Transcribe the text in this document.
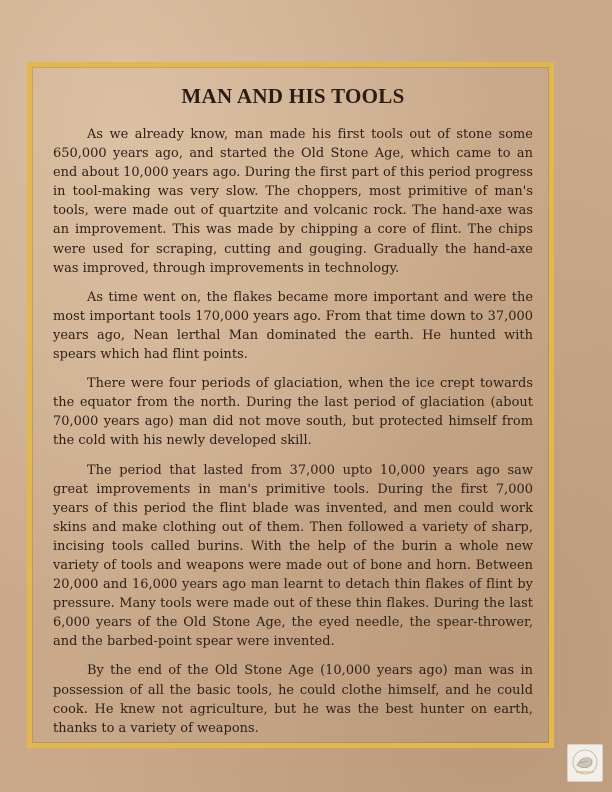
MAN AND HIS TOOLS

As we already know, man made his first tools out of stone some 650,000 years ago, and started the Old Stone Age, which came to an end about 10,000 years ago. During the first part of this period progress in tool-making was very slow. The choppers, most primitive of man's tools, were made out of quartzite and volcanic rock. The hand-axe was an improvement. This was made by chipping a core of flint. The chips were used for scraping, cutting and gouging. Gradually the hand-axe was improved, through improvements in technology.

As time went on, the flakes became more important and were the most important tools 170,000 years ago. From that time down to 37,000 years ago, Nean lerthal Man dominated the earth. He hunted with spears which had flint points.

There were four periods of glaciation, when the ice crept towards the equator from the north. During the last period of glaciation (about 70,000 years ago) man did not move south, but protected himself from the cold with his newly developed skill.

The period that lasted from 37,000 upto 10,000 years ago saw great improvements in man's primitive tools. During the first 7,000 years of this period the flint blade was invented, and men could work skins and make clothing out of them. Then followed a variety of sharp, incising tools called burins. With the help of the burin a whole new variety of tools and weapons were made out of bone and horn. Between 20,000 and 16,000 years ago man learnt to detach thin flakes of flint by pressure. Many tools were made out of these thin flakes. During the last 6,000 years of the Old Stone Age, the eyed needle, the spear-thrower, and the barbed-point spear were invented.

By the end of the Old Stone Age (10,000 years ago) man was in possession of all the basic tools, he could clothe himself, and he could cook. He knew not agriculture, but he was the best hunter on earth, thanks to a variety of weapons.
